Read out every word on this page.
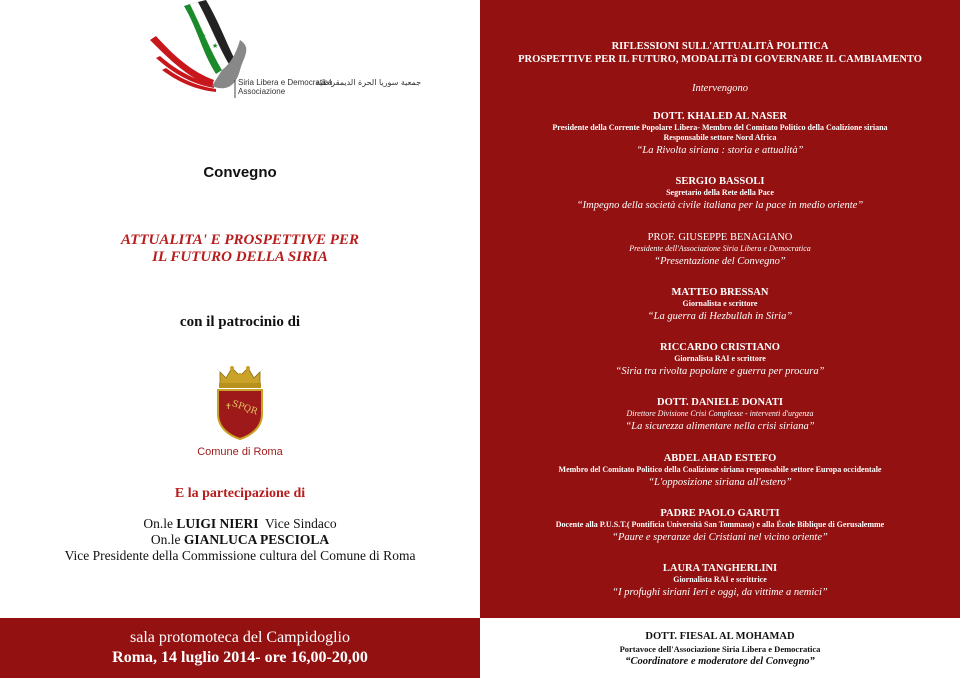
★
★
Siria Libera e Democratica
Associazione
جمعية سوريا الحرة الديمقراطية
Convegno
ATTUALITA' E PROSPETTIVE PER
IL FUTURO DELLA SIRIA
con il patrocinio di
✝
SPQR
Comune di Roma
E la partecipazione di
On.le LUIGI NIERI  Vice Sindaco
On.le GIANLUCA PESCIOLA
Vice Presidente della Commissione cultura del Comune di Roma
sala protomoteca del Campidoglio
Roma, 14 luglio 2014- ore 16,00-20,00
RIFLESSIONI SULL'ATTUALITÀ POLITICA
PROSPETTIVE PER IL FUTURO, MODALITà DI GOVERNARE IL CAMBIAMENTO
Intervengono
DOTT. KHALED AL NASER
Presidente della Corrente Popolare Libera- Membro del Comitato Politico della Coalizione siriana
Responsabile settore Nord Africa
“La Rivolta siriana : storia e attualità”
SERGIO BASSOLI
Segretario della Rete della Pace
“Impegno della società civile italiana per la pace in medio oriente”
PROF. GIUSEPPE BENAGIANO
Presidente dell'Associazione Siria Libera e Democratica
“Presentazione del Convegno”
MATTEO BRESSAN
Giornalista e scrittore
“La guerra di Hezbullah in Siria”
RICCARDO CRISTIANO
Giornalista RAI e scrittore
“Siria tra rivolta popolare e guerra per procura”
DOTT. DANIELE DONATI
Direttore Divisione Crisi Complesse - interventi d'urgenza
“La sicurezza alimentare nella crisi siriana”
ABDEL AHAD ESTEFO
Membro del Comitato Politico della Coalizione siriana responsabile settore Europa occidentale
“L'opposizione siriana all'estero”
PADRE PAOLO GARUTI
Docente alla P.U.S.T.( Pontificia Università San Tommaso) e alla École Biblique di Gerusalemme
“Paure e speranze dei Cristiani nel vicino oriente”
LAURA TANGHERLINI
Giornalista RAI e scrittrice
“I profughi siriani Ieri e oggi, da vittime a nemici”
DOTT. FIESAL AL MOHAMAD
Portavoce dell'Associazione Siria Libera e Democratica
“Coordinatore e moderatore del Convegno”
